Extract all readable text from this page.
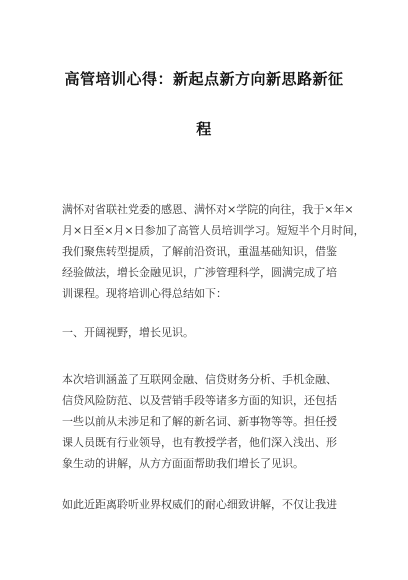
高管培训心得：新起点新方向新思路新征
程
满怀对省联社党委的感恩、满怀对×学院的向往，我于×年×
月×日至×月×日参加了高管人员培训学习。短短半个月时间，
我们聚焦转型提质，了解前沿资讯，重温基础知识，借鉴
经验做法，增长金融见识，广涉管理科学，圆满完成了培
训课程。现将培训心得总结如下：
一、开阔视野，增长见识。
本次培训涵盖了互联网金融、信贷财务分析、手机金融、
信贷风险防范、以及营销手段等诸多方面的知识，还包括
一些以前从未涉足和了解的新名词、新事物等等。担任授
课人员既有行业领导，也有教授学者，他们深入浅出、形
象生动的讲解，从方方面面帮助我们增长了见识。
如此近距离聆听业界权威们的耐心细致讲解，不仅让我进
